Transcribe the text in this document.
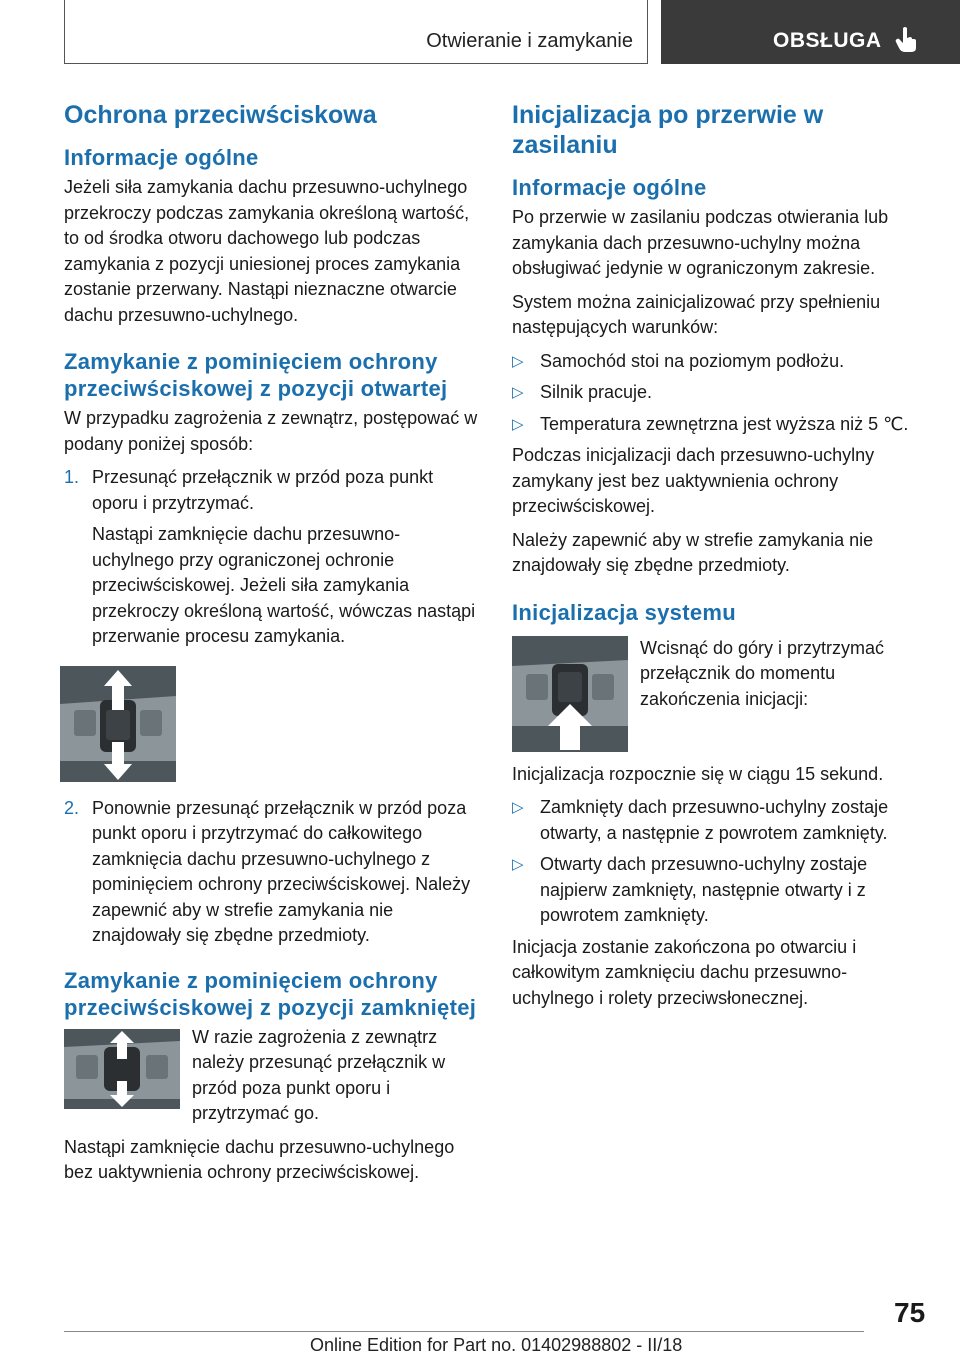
Otwieranie i zamykanie	OBSŁUGA
Ochrona przeciwściskowa
Informacje ogólne
Jeżeli siła zamykania dachu przesuwno-uchylnego przekroczy podczas zamykania określoną wartość, to od środka otworu dachowego lub podczas zamykania z pozycji uniesionej proces zamykania zostanie przerwany. Nastąpi nieznaczne otwarcie dachu przesuwno-uchylnego.
Zamykanie z pominięciem ochrony przeciwściskowej z pozycji otwartej
W przypadku zagrożenia z zewnątrz, postępować w podany poniżej sposób:
1. Przesunąć przełącznik w przód poza punkt oporu i przytrzymać.
Nastąpi zamknięcie dachu przesuwno-uchylnego przy ograniczonej ochronie przeciwściskowej. Jeżeli siła zamykania przekroczy określoną wartość, wówczas nastąpi przerwanie procesu zamykania.
2. Ponownie przesunąć przełącznik w przód poza punkt oporu i przytrzymać do całkowitego zamknięcia dachu przesuwno-uchylnego z pominięciem ochrony przeciwściskowej. Należy zapewnić aby w strefie zamykania nie znajdowały się zbędne przedmioty.
Zamykanie z pominięciem ochrony przeciwściskowej z pozycji zamkniętej
W razie zagrożenia z zewnątrz należy przesunąć przełącznik w przód poza punkt oporu i przytrzymać go.
Nastąpi zamknięcie dachu przesuwno-uchylnego bez uaktywnienia ochrony przeciwściskowej.
Inicjalizacja po przerwie w zasilaniu
Informacje ogólne
Po przerwie w zasilaniu podczas otwierania lub zamykania dach przesuwno-uchylny można obsługiwać jedynie w ograniczonym zakresie.
System można zainicjalizować przy spełnieniu następujących warunków:
▷ Samochód stoi na poziomym podłożu.
▷ Silnik pracuje.
▷ Temperatura zewnętrzna jest wyższa niż 5 ℃.
Podczas inicjalizacji dach przesuwno-uchylny zamykany jest bez uaktywnienia ochrony przeciwściskowej.
Należy zapewnić aby w strefie zamykania nie znajdowały się zbędne przedmioty.
Inicjalizacja systemu
Wcisnąć do góry i przytrzymać przełącznik do momentu zakończenia inicjacji:
Inicjalizacja rozpocznie się w ciągu 15 sekund.
▷ Zamknięty dach przesuwno-uchylny zostaje otwarty, a następnie z powrotem zamknięty.
▷ Otwarty dach przesuwno-uchylny zostaje najpierw zamknięty, następnie otwarty i z powrotem zamknięty.
Inicjacja zostanie zakończona po otwarciu i całkowitym zamknięciu dachu przesuwno-uchylnego i rolety przeciwsłonecznej.
75
Online Edition for Part no. 01402988802 - II/18
